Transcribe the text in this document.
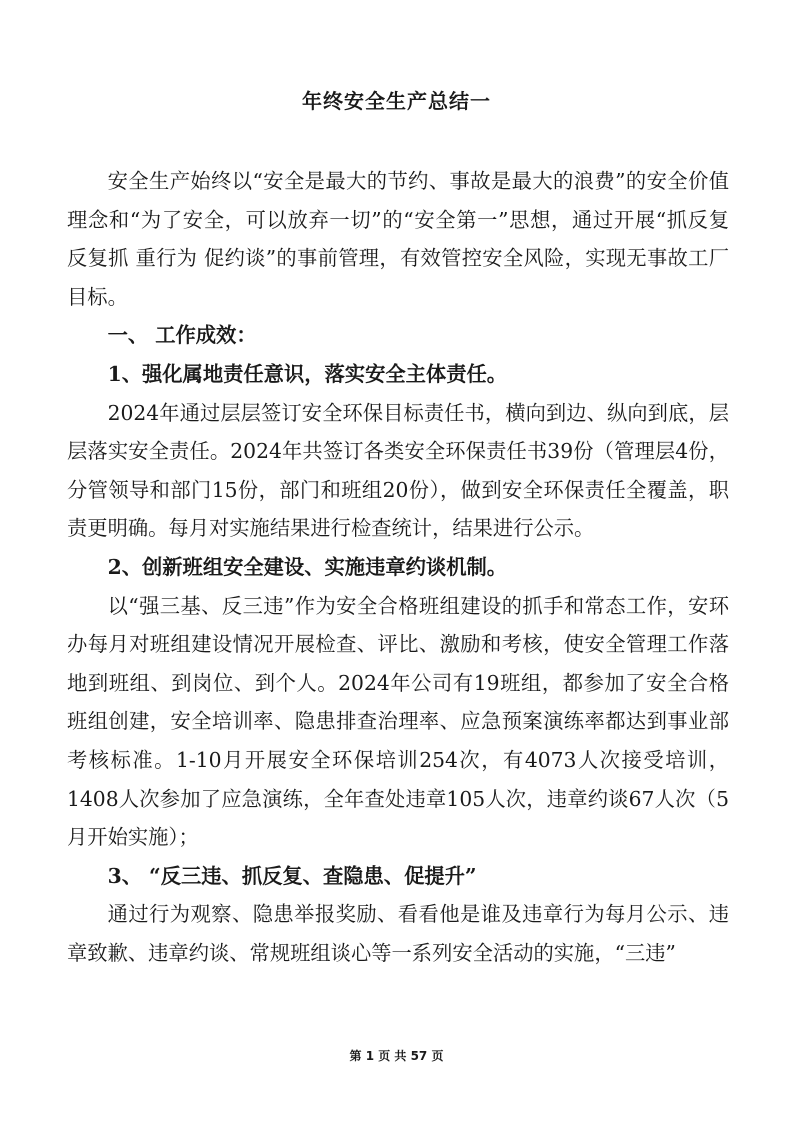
年终安全生产总结一

安全生产始终以“安全是最大的节约、事故是最大的浪费”的安全价值理念和“为了安全，可以放弃一切”的“安全第一”思想，通过开展“抓反复 反复抓 重行为 促约谈”的事前管理，有效管控安全风险，实现无事故工厂目标。

一、 工作成效：

1、强化属地责任意识，落实安全主体责任。

2024年通过层层签订安全环保目标责任书，横向到边、纵向到底，层层落实安全责任。2024年共签订各类安全环保责任书39份（管理层4份，分管领导和部门15份，部门和班组20份），做到安全环保责任全覆盖，职责更明确。每月对实施结果进行检查统计，结果进行公示。

2、创新班组安全建设、实施违章约谈机制。

以“强三基、反三违”作为安全合格班组建设的抓手和常态工作，安环办每月对班组建设情况开展检查、评比、激励和考核，使安全管理工作落地到班组、到岗位、到个人。2024年公司有19班组，都参加了安全合格班组创建，安全培训率、隐患排查治理率、应急预案演练率都达到事业部考核标准。1-10月开展安全环保培训254次，有4073人次接受培训，1408人次参加了应急演练，全年查处违章105人次，违章约谈67人次（5月开始实施）；

3、 “反三违、抓反复、查隐患、促提升”

通过行为观察、隐患举报奖励、看看他是谁及违章行为每月公示、违章致歉、违章约谈、常规班组谈心等一系列安全活动的实施，“三违”

第 1 页 共 57 页
